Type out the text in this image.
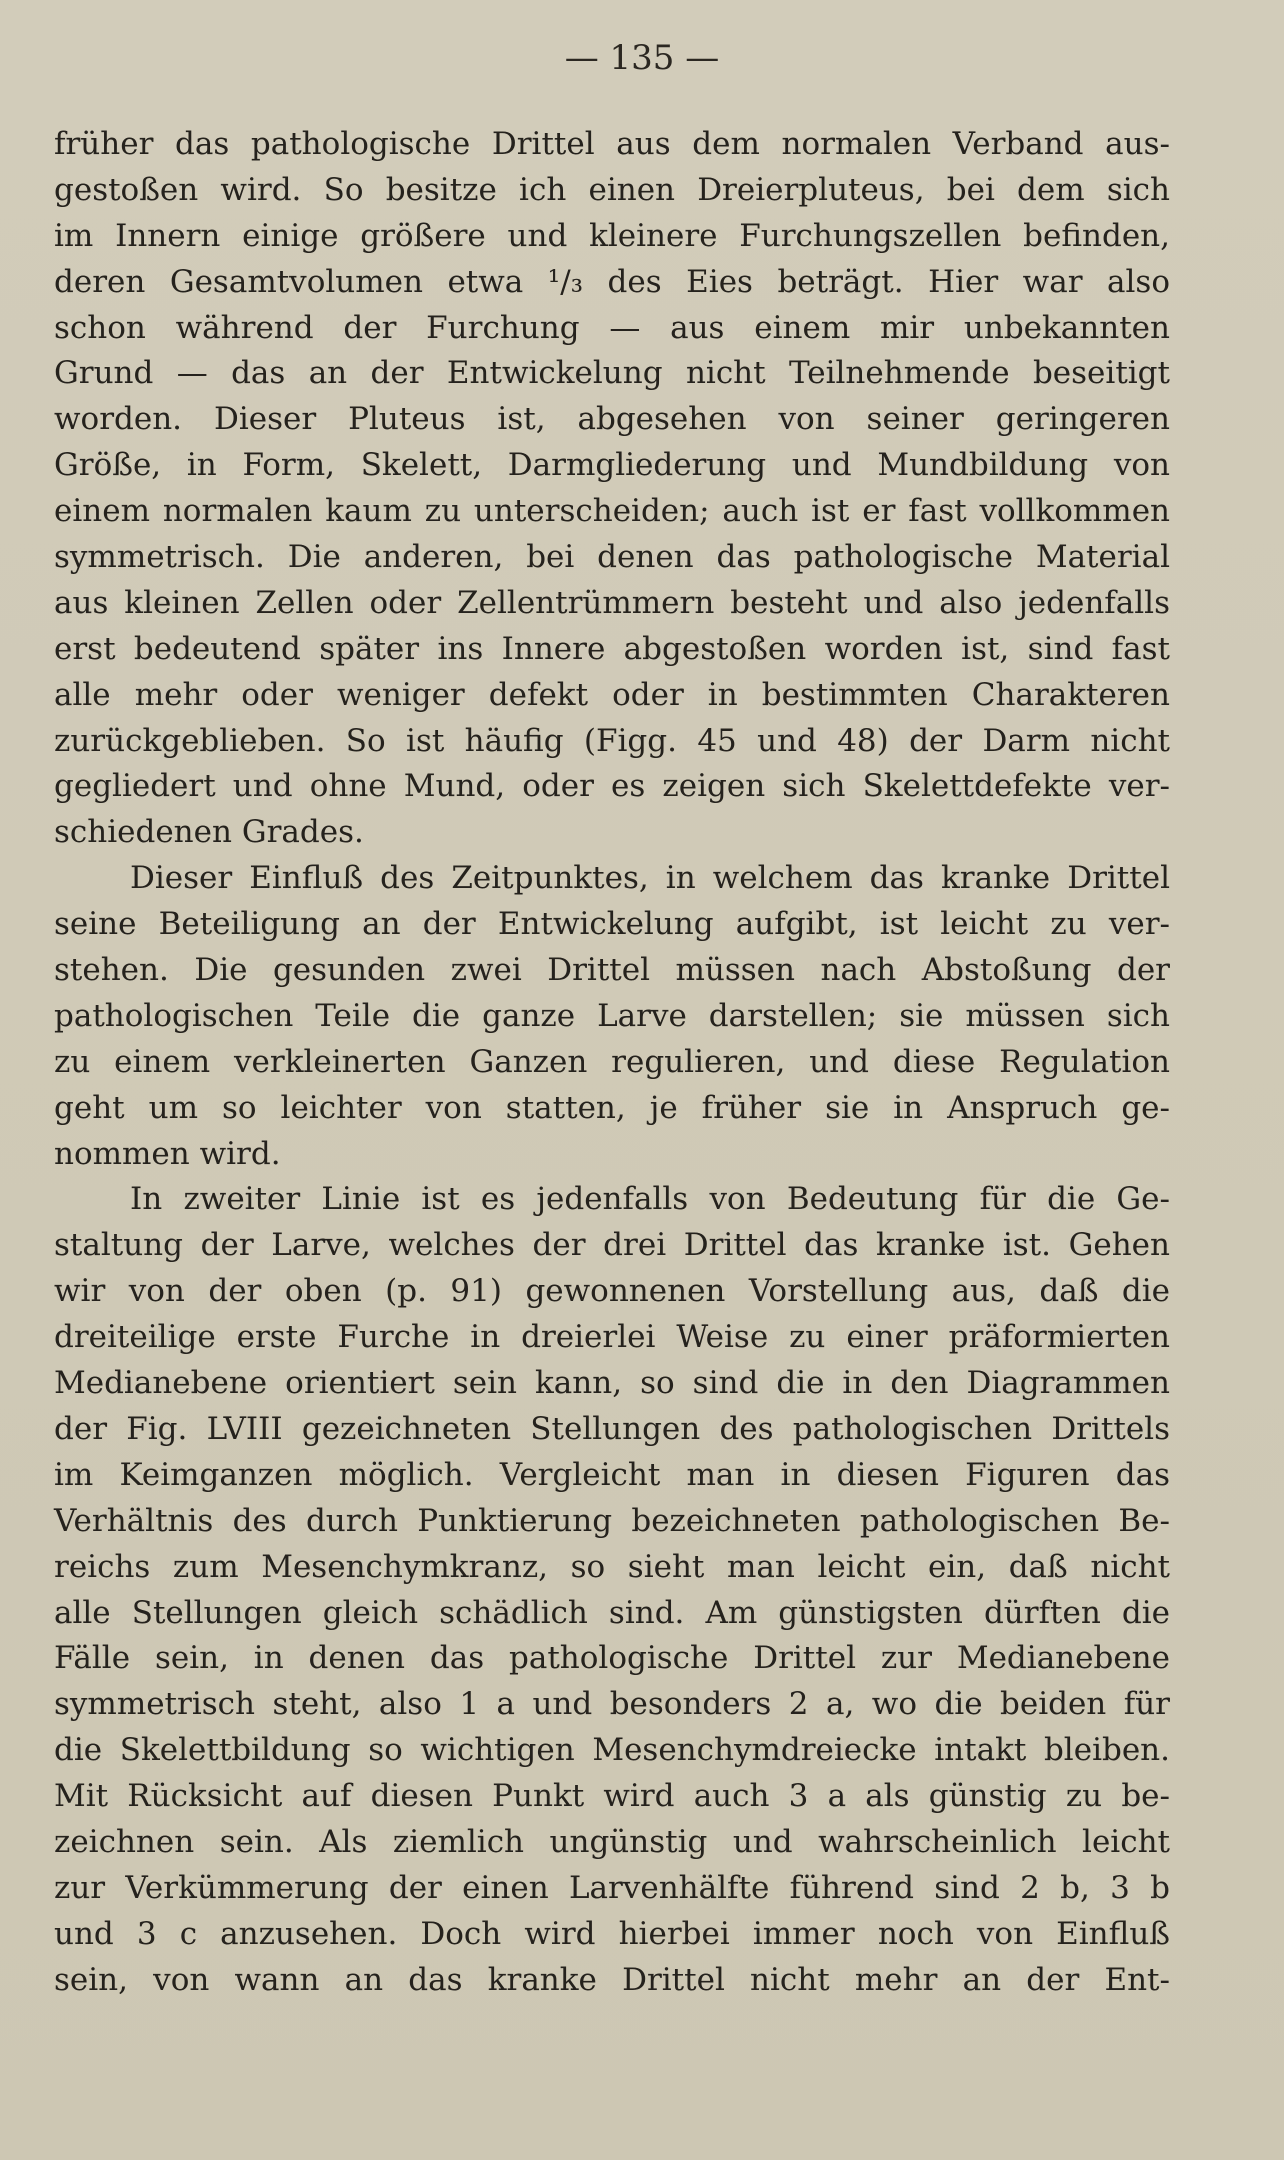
— 135 —
früher das pathologische Drittel aus dem normalen Verband aus-
gestoßen wird. So besitze ich einen Dreierpluteus, bei dem sich
im Innern einige größere und kleinere Furchungszellen befinden,
deren Gesamtvolumen etwa ¹/₃ des Eies beträgt. Hier war also
schon während der Furchung — aus einem mir unbekannten
Grund — das an der Entwickelung nicht Teilnehmende beseitigt
worden. Dieser Pluteus ist, abgesehen von seiner geringeren
Größe, in Form, Skelett, Darmgliederung und Mundbildung von
einem normalen kaum zu unterscheiden; auch ist er fast vollkommen
symmetrisch. Die anderen, bei denen das pathologische Material
aus kleinen Zellen oder Zellentrümmern besteht und also jedenfalls
erst bedeutend später ins Innere abgestoßen worden ist, sind fast
alle mehr oder weniger defekt oder in bestimmten Charakteren
zurückgeblieben. So ist häufig (Figg. 45 und 48) der Darm nicht
gegliedert und ohne Mund, oder es zeigen sich Skelettdefekte ver-
schiedenen Grades.
Dieser Einfluß des Zeitpunktes, in welchem das kranke Drittel
seine Beteiligung an der Entwickelung aufgibt, ist leicht zu ver-
stehen. Die gesunden zwei Drittel müssen nach Abstoßung der
pathologischen Teile die ganze Larve darstellen; sie müssen sich
zu einem verkleinerten Ganzen regulieren, und diese Regulation
geht um so leichter von statten, je früher sie in Anspruch ge-
nommen wird.
In zweiter Linie ist es jedenfalls von Bedeutung für die Ge-
staltung der Larve, welches der drei Drittel das kranke ist. Gehen
wir von der oben (p. 91) gewonnenen Vorstellung aus, daß die
dreiteilige erste Furche in dreierlei Weise zu einer präformierten
Medianebene orientiert sein kann, so sind die in den Diagrammen
der Fig. LVIII gezeichneten Stellungen des pathologischen Drittels
im Keimganzen möglich. Vergleicht man in diesen Figuren das
Verhältnis des durch Punktierung bezeichneten pathologischen Be-
reichs zum Mesenchymkranz, so sieht man leicht ein, daß nicht
alle Stellungen gleich schädlich sind. Am günstigsten dürften die
Fälle sein, in denen das pathologische Drittel zur Medianebene
symmetrisch steht, also 1 a und besonders 2 a, wo die beiden für
die Skelettbildung so wichtigen Mesenchymdreiecke intakt bleiben.
Mit Rücksicht auf diesen Punkt wird auch 3 a als günstig zu be-
zeichnen sein. Als ziemlich ungünstig und wahrscheinlich leicht
zur Verkümmerung der einen Larvenhälfte führend sind 2 b, 3 b
und 3 c anzusehen. Doch wird hierbei immer noch von Einfluß
sein, von wann an das kranke Drittel nicht mehr an der Ent-
